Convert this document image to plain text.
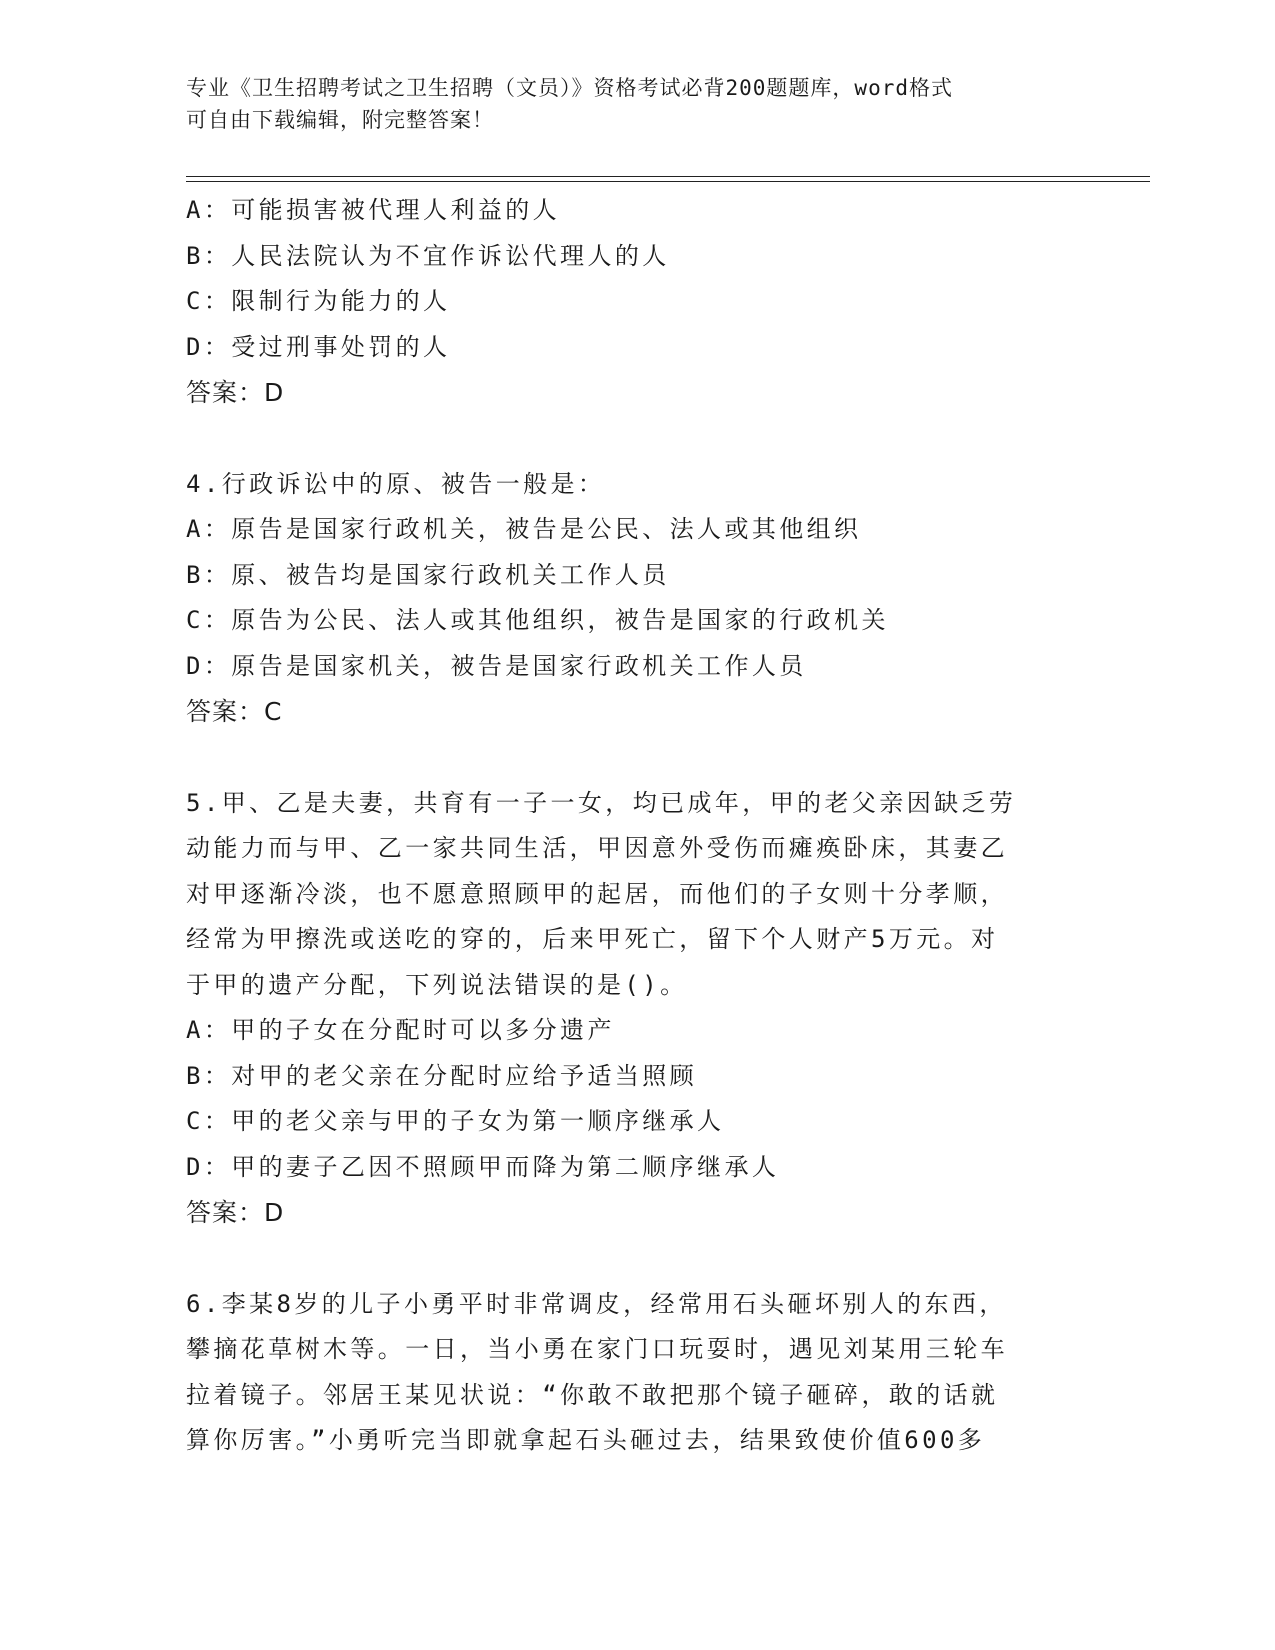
专业《卫生招聘考试之卫生招聘（文员）》资格考试必背200题题库，word格式
可自由下载编辑，附完整答案！
A：可能损害被代理人利益的人
B：人民法院认为不宜作诉讼代理人的人
C：限制行为能力的人
D：受过刑事处罚的人
答案：D
4.行政诉讼中的原、被告一般是：
A：原告是国家行政机关，被告是公民、法人或其他组织
B：原、被告均是国家行政机关工作人员
C：原告为公民、法人或其他组织，被告是国家的行政机关
D：原告是国家机关，被告是国家行政机关工作人员
答案：C
5.甲、乙是夫妻，共育有一子一女，均已成年，甲的老父亲因缺乏劳
动能力而与甲、乙一家共同生活，甲因意外受伤而瘫痪卧床，其妻乙
对甲逐渐冷淡，也不愿意照顾甲的起居，而他们的子女则十分孝顺，
经常为甲擦洗或送吃的穿的，后来甲死亡，留下个人财产5万元。对
于甲的遗产分配，下列说法错误的是()。
A：甲的子女在分配时可以多分遗产
B：对甲的老父亲在分配时应给予适当照顾
C：甲的老父亲与甲的子女为第一顺序继承人
D：甲的妻子乙因不照顾甲而降为第二顺序继承人
答案：D
6.李某8岁的儿子小勇平时非常调皮，经常用石头砸坏别人的东西，
攀摘花草树木等。一日，当小勇在家门口玩耍时，遇见刘某用三轮车
拉着镜子。邻居王某见状说：“你敢不敢把那个镜子砸碎，敢的话就
算你厉害。”小勇听完当即就拿起石头砸过去，结果致使价值600多
